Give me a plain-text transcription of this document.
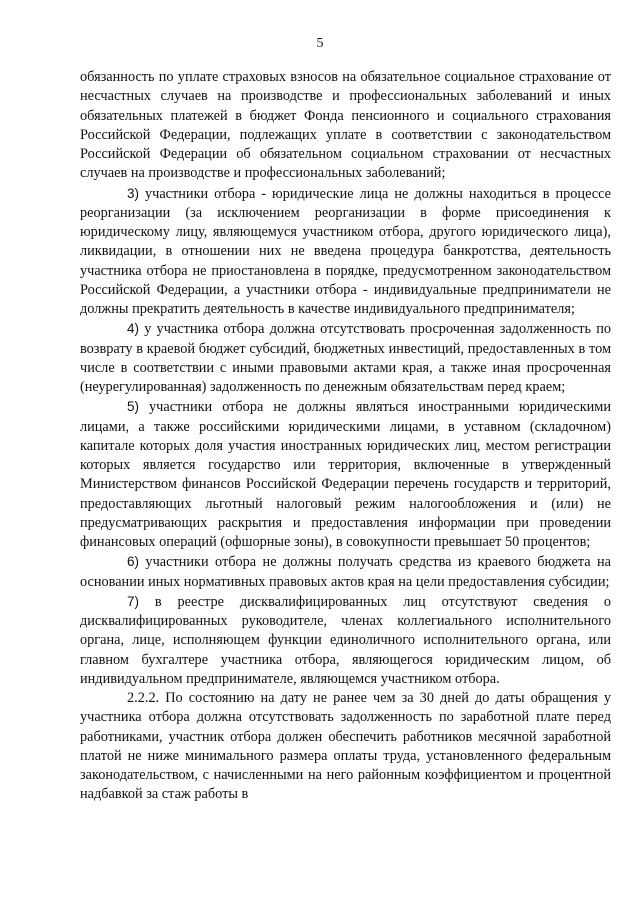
5

обязанность по уплате страховых взносов на обязательное социальное страхование от несчастных случаев на производстве и профессиональных заболеваний и иных обязательных платежей в бюджет Фонда пенсионного и социального страхования Российской Федерации, подлежащих уплате в соответствии с законодательством Российской Федерации об обязательном социальном страховании от несчастных случаев на производстве и профессиональных заболеваний;

3) участники отбора - юридические лица не должны находиться в процессе реорганизации (за исключением реорганизации в форме присоединения к юридическому лицу, являющемуся участником отбора, другого юридического лица), ликвидации, в отношении них не введена процедура банкротства, деятельность участника отбора не приостановлена в порядке, предусмотренном законодательством Российской Федерации, а участники отбора - индивидуальные предприниматели не должны прекратить деятельность в качестве индивидуального предпринимателя;

4) у участника отбора должна отсутствовать просроченная задолженность по возврату в краевой бюджет субсидий, бюджетных инвестиций, предоставленных в том числе в соответствии с иными правовыми актами края, а также иная просроченная (неурегулированная) задолженность по денежным обязательствам перед краем;

5) участники отбора не должны являться иностранными юридическими лицами, а также российскими юридическими лицами, в уставном (складочном) капитале которых доля участия иностранных юридических лиц, местом регистрации которых является государство или территория, включенные в утвержденный Министерством финансов Российской Федерации перечень государств и территорий, предоставляющих льготный налоговый режим налогообложения и (или) не предусматривающих раскрытия и предоставления информации при проведении финансовых операций (офшорные зоны), в совокупности превышает 50 процентов;

6) участники отбора не должны получать средства из краевого бюджета на основании иных нормативных правовых актов края на цели предоставления субсидии;

7) в реестре дисквалифицированных лиц отсутствуют сведения о дисквалифицированных руководителе, членах коллегиального исполнительного органа, лице, исполняющем функции единоличного исполнительного органа, или главном бухгалтере участника отбора, являющегося юридическим лицом, об индивидуальном предпринимателе, являющемся участником отбора.

2.2.2. По состоянию на дату не ранее чем за 30 дней до даты обращения у участника отбора должна отсутствовать задолженность по заработной плате перед работниками, участник отбора должен обеспечить работников месячной заработной платой не ниже минимального размера оплаты труда, установленного федеральным законодательством, с начисленными на него районным коэффициентом и процентной надбавкой за стаж работы в
